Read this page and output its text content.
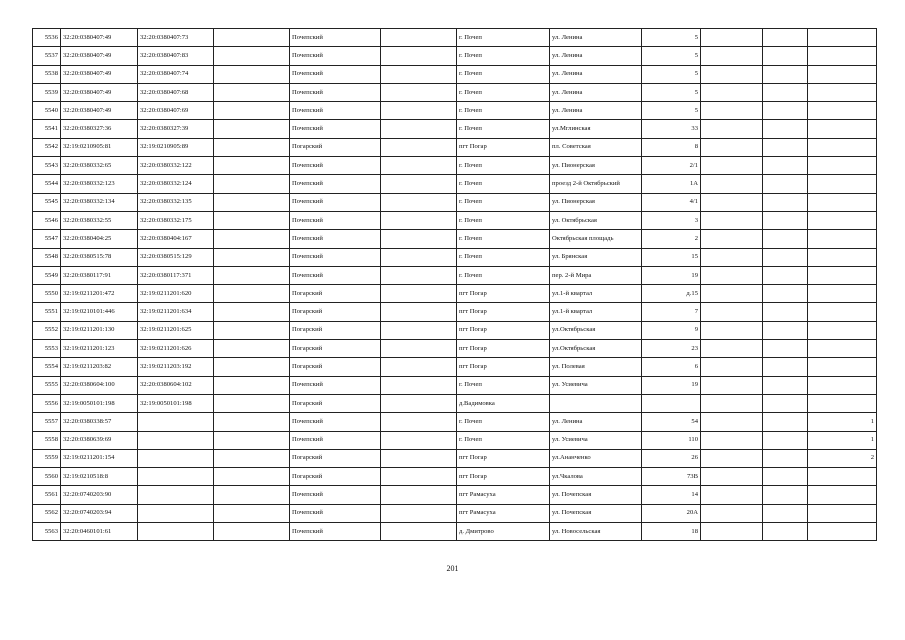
5536	32:20:0380407:49	32:20:0380407:73		Почепский		г. Почеп	ул. Ленина	5			
5537	32:20:0380407:49	32:20:0380407:83		Почепский		г. Почеп	ул. Ленина	5			
5538	32:20:0380407:49	32:20:0380407:74		Почепский		г. Почеп	ул. Ленина	5			
5539	32:20:0380407:49	32:20:0380407:68		Почепский		г. Почеп	ул. Ленина	5			
5540	32:20:0380407:49	32:20:0380407:69		Почепский		г. Почеп	ул. Ленина	5			
5541	32:20:0380327:36	32:20:0380327:39		Почепский		г. Почеп	ул.Мглинская	33			
5542	32:19:0210905:81	32:19:0210905:89		Погарский		пгт Погар	пл. Советская	8			
5543	32:20:0380332:65	32:20:0380332:122		Почепский		г. Почеп	ул. Пионерская	2/1			
5544	32:20:0380332:123	32:20:0380332:124		Почепский		г. Почеп	проезд 2-й Октябрьский	1А			
5545	32:20:0380332:134	32:20:0380332:135		Почепский		г. Почеп	ул. Пионерская	4/1			
5546	32:20:0380332:55	32:20:0380332:175		Почепский		г. Почеп	ул. Октябрьская	3			
5547	32:20:0380404:25	32:20:0380404:167		Почепский		г. Почеп	Октябрьская площадь	2			
5548	32:20:0380515:78	32:20:0380515:129		Почепский		г. Почеп	ул. Брянская	15			
5549	32:20:0380117:91	32:20:0380117:371		Почепский		г. Почеп	пер. 2-й Мира	19			
5550	32:19:0211201:472	32:19:0211201:620		Погарский		пгт Погар	ул.1-й квартал	д.15			
5551	32:19:0210101:446	32:19:0211201:634		Погарский		пгт Погар	ул.1-й квартал	7			
5552	32:19:0211201:130	32:19:0211201:625		Погарский		пгт Погар	ул.Октябрьская	9			
5553	32:19:0211201:123	32:19:0211201:626		Погарский		пгт Погар	ул.Октябрьская	23			
5554	32:19:0211203:82	32:19:0211203:192		Погарский		пгт Погар	ул. Полевая	6			
5555	32:20:0380604:100	32:20:0380604:102		Почепский		г. Почеп	ул. Усиевича	19			
5556	32:19:0050101:198	32:19:0050101:198		Погарский		д.Вадимовка					
5557	32:20:0380338:57			Почепский		г. Почеп	ул. Ленина	54			1
5558	32:20:0380639:69			Почепский		г. Почеп	ул. Усиевича	110			1
5559	32:19:0211201:154			Погарский		пгт Погар	ул.Ананченко	26			2
5560	32:19:0210518:8			Погарский		пгт Погар	ул.Чкалова	73В			
5561	32:20:0740203:90			Почепский		пгт Рамасуха	ул. Почепская	14			
5562	32:20:0740203:94			Почепский		пгт Рамасуха	ул. Почепская	20А			
5563	32:20:0460101:61			Почепский		д. Дмитрово	ул. Новосельская	18			
201
